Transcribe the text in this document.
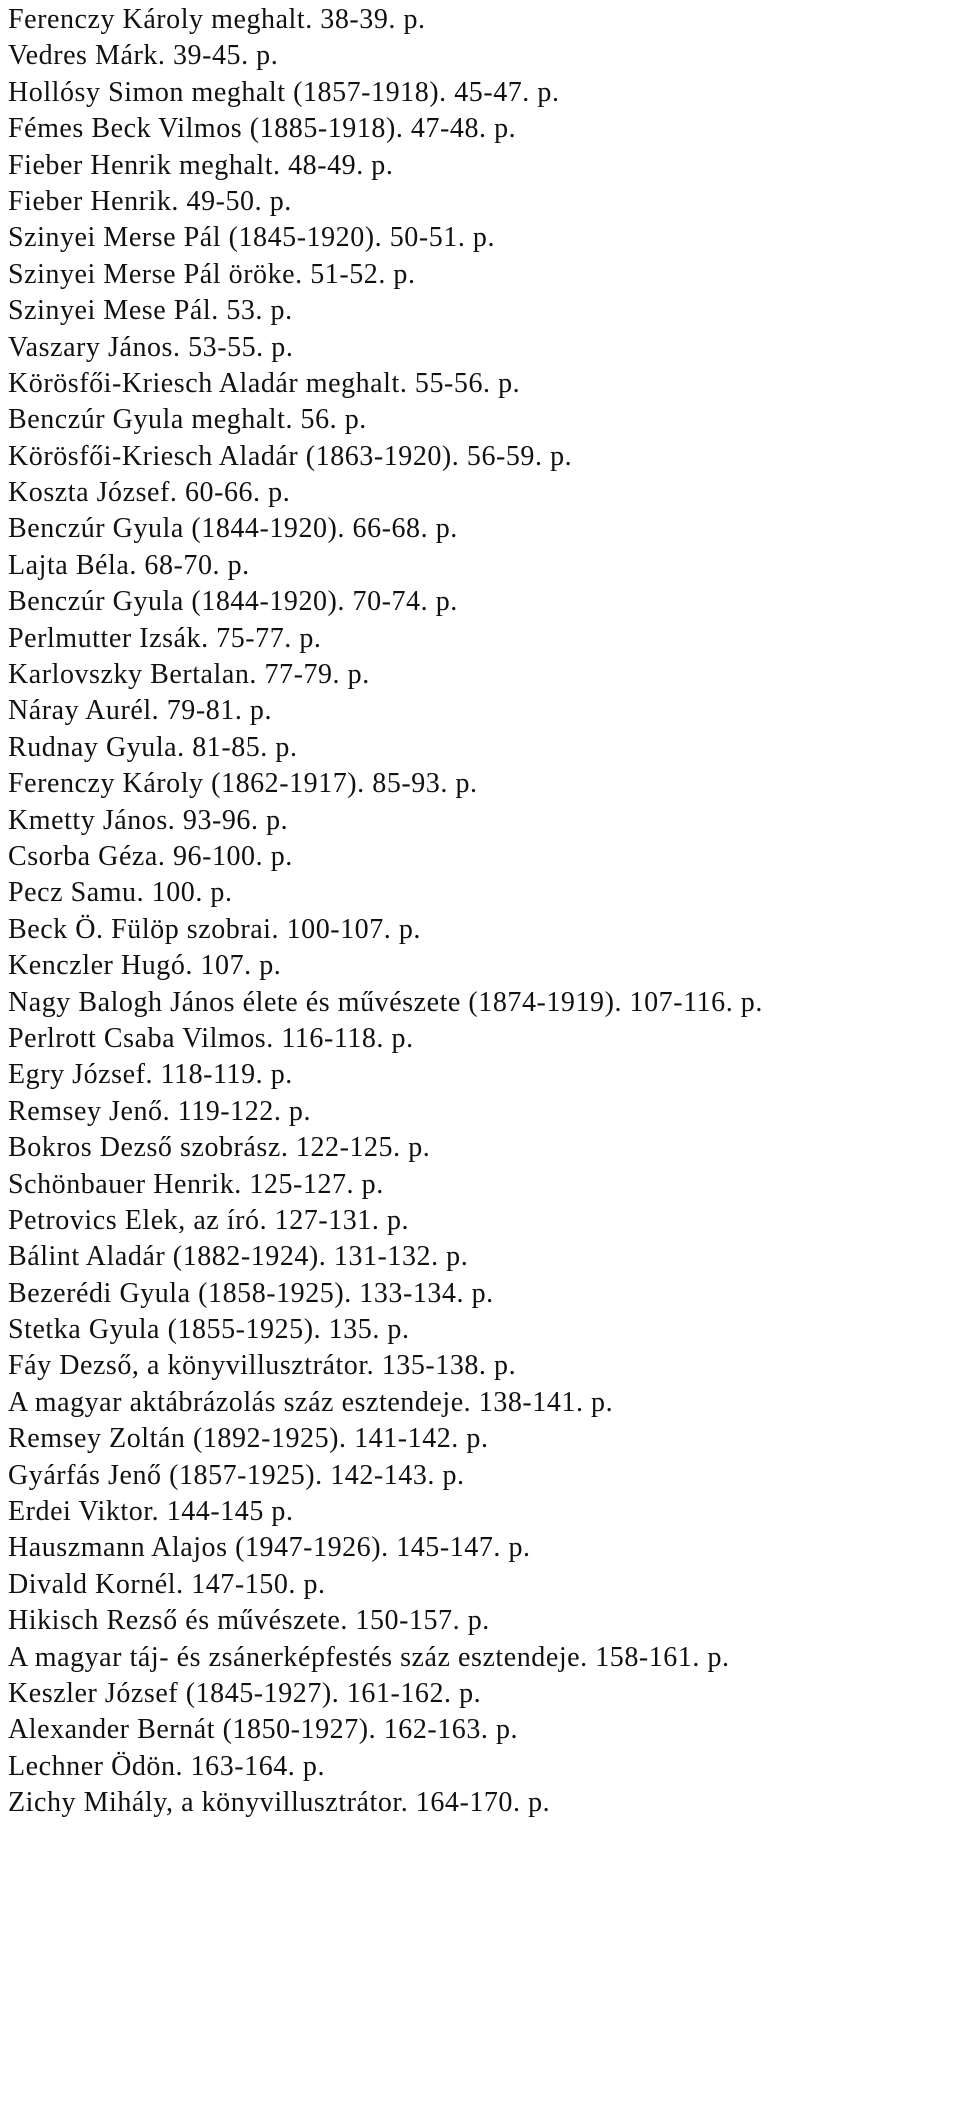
Ferenczy Károly meghalt. 38-39. p.
Vedres Márk. 39-45. p.
Hollósy Simon meghalt (1857-1918). 45-47. p.
Fémes Beck Vilmos (1885-1918). 47-48. p.
Fieber Henrik meghalt. 48-49. p.
Fieber Henrik. 49-50. p.
Szinyei Merse Pál (1845-1920). 50-51. p.
Szinyei Merse Pál öröke. 51-52. p.
Szinyei Mese Pál. 53. p.
Vaszary János. 53-55. p.
Körösfői-Kriesch Aladár meghalt. 55-56. p.
Benczúr Gyula meghalt. 56. p.
Körösfői-Kriesch Aladár (1863-1920). 56-59. p.
Koszta József. 60-66. p.
Benczúr Gyula (1844-1920). 66-68. p.
Lajta Béla. 68-70. p.
Benczúr Gyula (1844-1920). 70-74. p.
Perlmutter Izsák. 75-77. p.
Karlovszky Bertalan. 77-79. p.
Náray Aurél. 79-81. p.
Rudnay Gyula. 81-85. p.
Ferenczy Károly (1862-1917). 85-93. p.
Kmetty János. 93-96. p.
Csorba Géza. 96-100. p.
Pecz Samu. 100. p.
Beck Ö. Fülöp szobrai. 100-107. p.
Kenczler Hugó. 107. p.
Nagy Balogh János élete és művészete (1874-1919). 107-116. p.
Perlrott Csaba Vilmos. 116-118. p.
Egry József. 118-119. p.
Remsey Jenő. 119-122. p.
Bokros Dezső szobrász. 122-125. p.
Schönbauer Henrik. 125-127. p.
Petrovics Elek, az író. 127-131. p.
Bálint Aladár (1882-1924). 131-132. p.
Bezerédi Gyula (1858-1925). 133-134. p.
Stetka Gyula (1855-1925). 135. p.
Fáy Dezső, a könyvillusztrátor. 135-138. p.
A magyar aktábrázolás száz esztendeje. 138-141. p.
Remsey Zoltán (1892-1925). 141-142. p.
Gyárfás Jenő (1857-1925). 142-143. p.
Erdei Viktor. 144-145 p.
Hauszmann Alajos (1947-1926). 145-147. p.
Divald Kornél. 147-150. p.
Hikisch Rezső és művészete. 150-157. p.
A magyar táj- és zsánerképfestés száz esztendeje. 158-161. p.
Keszler József (1845-1927). 161-162. p.
Alexander Bernát (1850-1927). 162-163. p.
Lechner Ödön. 163-164. p.
Zichy Mihály, a könyvillusztrátor. 164-170. p.
